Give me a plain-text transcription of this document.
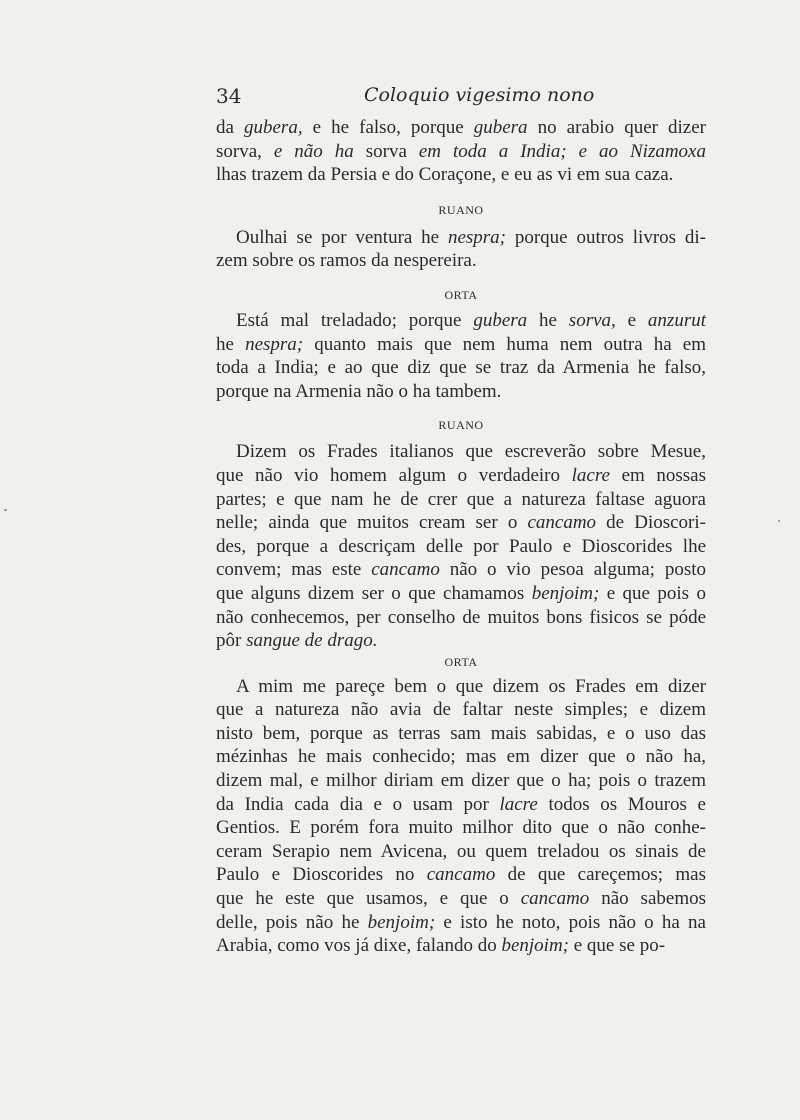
34	Coloquio vigesimo nono

da gubera, e he falso, porque gubera no arabio quer dizer
sorva, e não ha sorva em toda a India; e ao Nizamoxa
lhas trazem da Persia e do Coraçone, e eu as vi em sua caza.

RUANO

Oulhai se por ventura he nespra; porque outros livros di-
zem sobre os ramos da nespereira.

ORTA

Está mal treladado; porque gubera he sorva, e anzurut
he nespra; quanto mais que nem huma nem outra ha em
toda a India; e ao que diz que se traz da Armenia he falso,
porque na Armenia não o ha tambem.

RUANO

Dizem os Frades italianos que escreverão sobre Mesue,
que não vio homem algum o verdadeiro lacre em nossas
partes; e que nam he de crer que a natureza faltase aguora
nelle; ainda que muitos cream ser o cancamo de Dioscori-
des, porque a descriçam delle por Paulo e Dioscorides lhe
convem; mas este cancamo não o vio pesoa alguma; posto
que alguns dizem ser o que chamamos benjoim; e que pois o
não conhecemos, per conselho de muitos bons fisicos se póde
pôr sangue de drago.

ORTA

A mim me pareçe bem o que dizem os Frades em dizer
que a natureza não avia de faltar neste simples; e dizem
nisto bem, porque as terras sam mais sabidas, e o uso das
mézinhas he mais conhecido; mas em dizer que o não ha,
dizem mal, e milhor diriam em dizer que o ha; pois o trazem
da India cada dia e o usam por lacre todos os Mouros e
Gentios. E porém fora muito milhor dito que o não conhe-
ceram Serapio nem Avicena, ou quem treladou os sinais de
Paulo e Dioscorides no cancamo de que careçemos; mas
que he este que usamos, e que o cancamo não sabemos
delle, pois não he benjoim; e isto he noto, pois não o ha na
Arabia, como vos já dixe, falando do benjoim; e que se po-
